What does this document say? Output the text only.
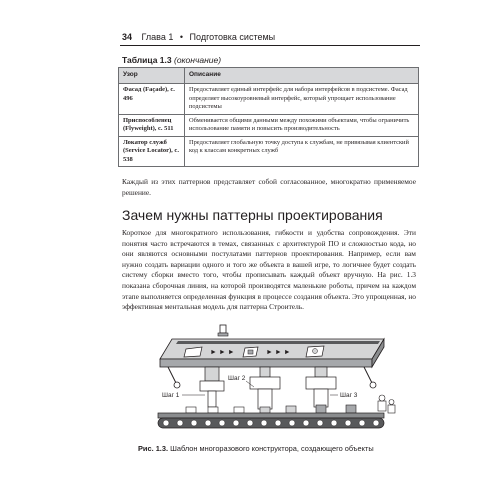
34 Глава 1 • Подготовка системы
Таблица 1.3 (окончание)
Узор	Описание
Фасад (Façade), с. 496	Предоставляет единый интерфейс для набора интерфейсов в подсистеме. Фасад определяет высокоуровневый интерфейс, который упрощает использование подсистемы
Приспособленец (Flyweight), с. 511	Обменивается общими данными между похожими объектами, чтобы ограничить использование памяти и повысить производительность
Локатор служб (Service Locator), с. 538	Предоставляет глобальную точку доступа к службам, не привязывая клиентский код к классам конкретных служб

Каждый из этих паттернов представляет собой согласованное, многократно применяемое решение.

Зачем нужны паттерны проектирования

Короткое для многократного использования, гибкости и удобства сопровождения. Эти понятия часто встречаются в темах, связанных с архитектурой ПО и сложностью кода, но они являются основными постулатами паттернов проектирования. Например, если вам нужно создать вариации одного и того же объекта в вашей игре, то логичнее будет создать систему сборки вместо того, чтобы прописывать каждый объект вручную. На рис. 1.3 показана сборочная линия, на которой производятся маленькие роботы, причем на каждом этапе выполняется определенная функция в процессе создания объекта. Это упрощенная, но эффективная ментальная модель для паттерна Строитель.

► ► ►	► ► ►
Шаг 1
Шаг 2
Шаг 3
Рис. 1.3. Шаблон многоразового конструктора, создающего объекты
